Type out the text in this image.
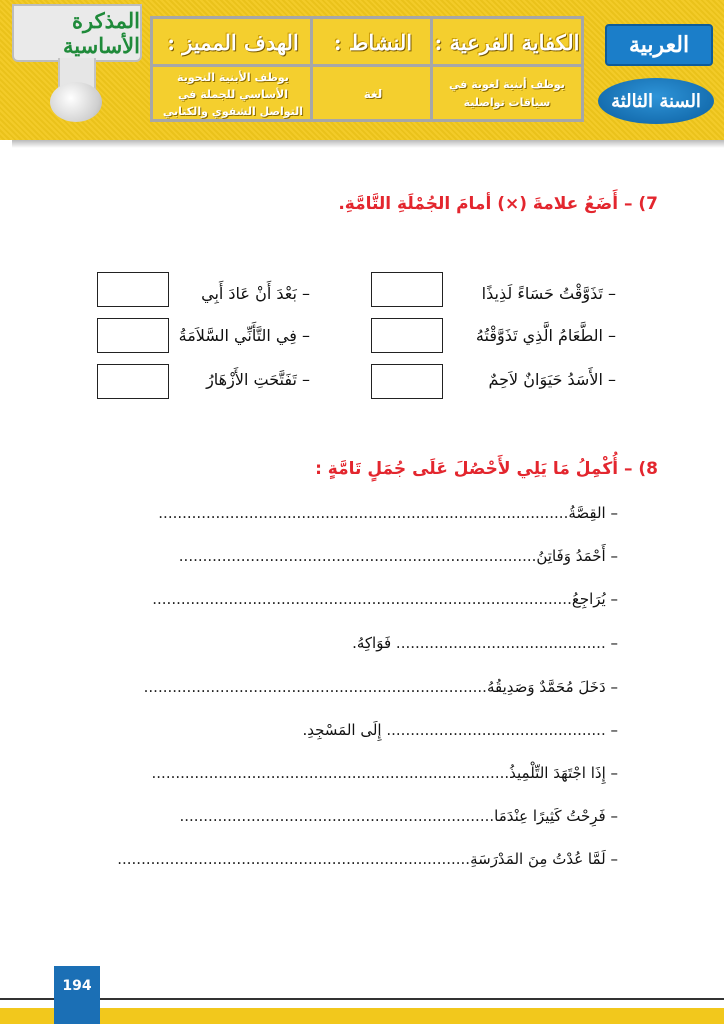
المذكرة الأساسية	الكفاية الفرعية :
يوظف أبنية لغوية في سياقات تواصلية
النشاط :
لغة
الهدف المميز :
يوظف الأبنية النحوية الأساسي للجملة في التواصل الشفوي والكتابي
العربية
السنة الثالثة
7) – أَضَعُ علامةَ (×) أمامَ الجُمْلَةِ التَّامَّةِ.
– تَذَوَّقْتُ حَسَاءً لَذِيذًا
– الطَّعَامُ الَّذِي تَذَوَّقْتُهُ
– الأَسَدُ حَيَوَانٌ لاَحِمٌ
– بَعْدَ أَنْ عَادَ أَبِي
– فِي التَّأَنِّي السَّلاَمَةُ
– تَفَتَّحَتِ الأَزْهَارُ
8) – أُكْمِلُ مَا يَلِي لأَحْصُلَ عَلَى جُمَلٍ تَامَّةٍ :
– القِصَّةُ......................................................................................
– أَحْمَدُ وَفَاتِنُ...........................................................................
– يُرَاجِعُ........................................................................................
– ............................................ فَوَاكِهُ.
– دَخَلَ مُحَمَّدٌ وَصَدِيقُهُ........................................................................
– .............................................. إِلَى المَسْجِدِ.
– إِذَا اجْتَهَدَ التِّلْمِيذُ...........................................................................
– فَرِحْتُ كَثِيرًا عِنْدَمَا..................................................................
– لَمَّا عُدْتُ مِنَ المَدْرَسَةِ..........................................................................
194
